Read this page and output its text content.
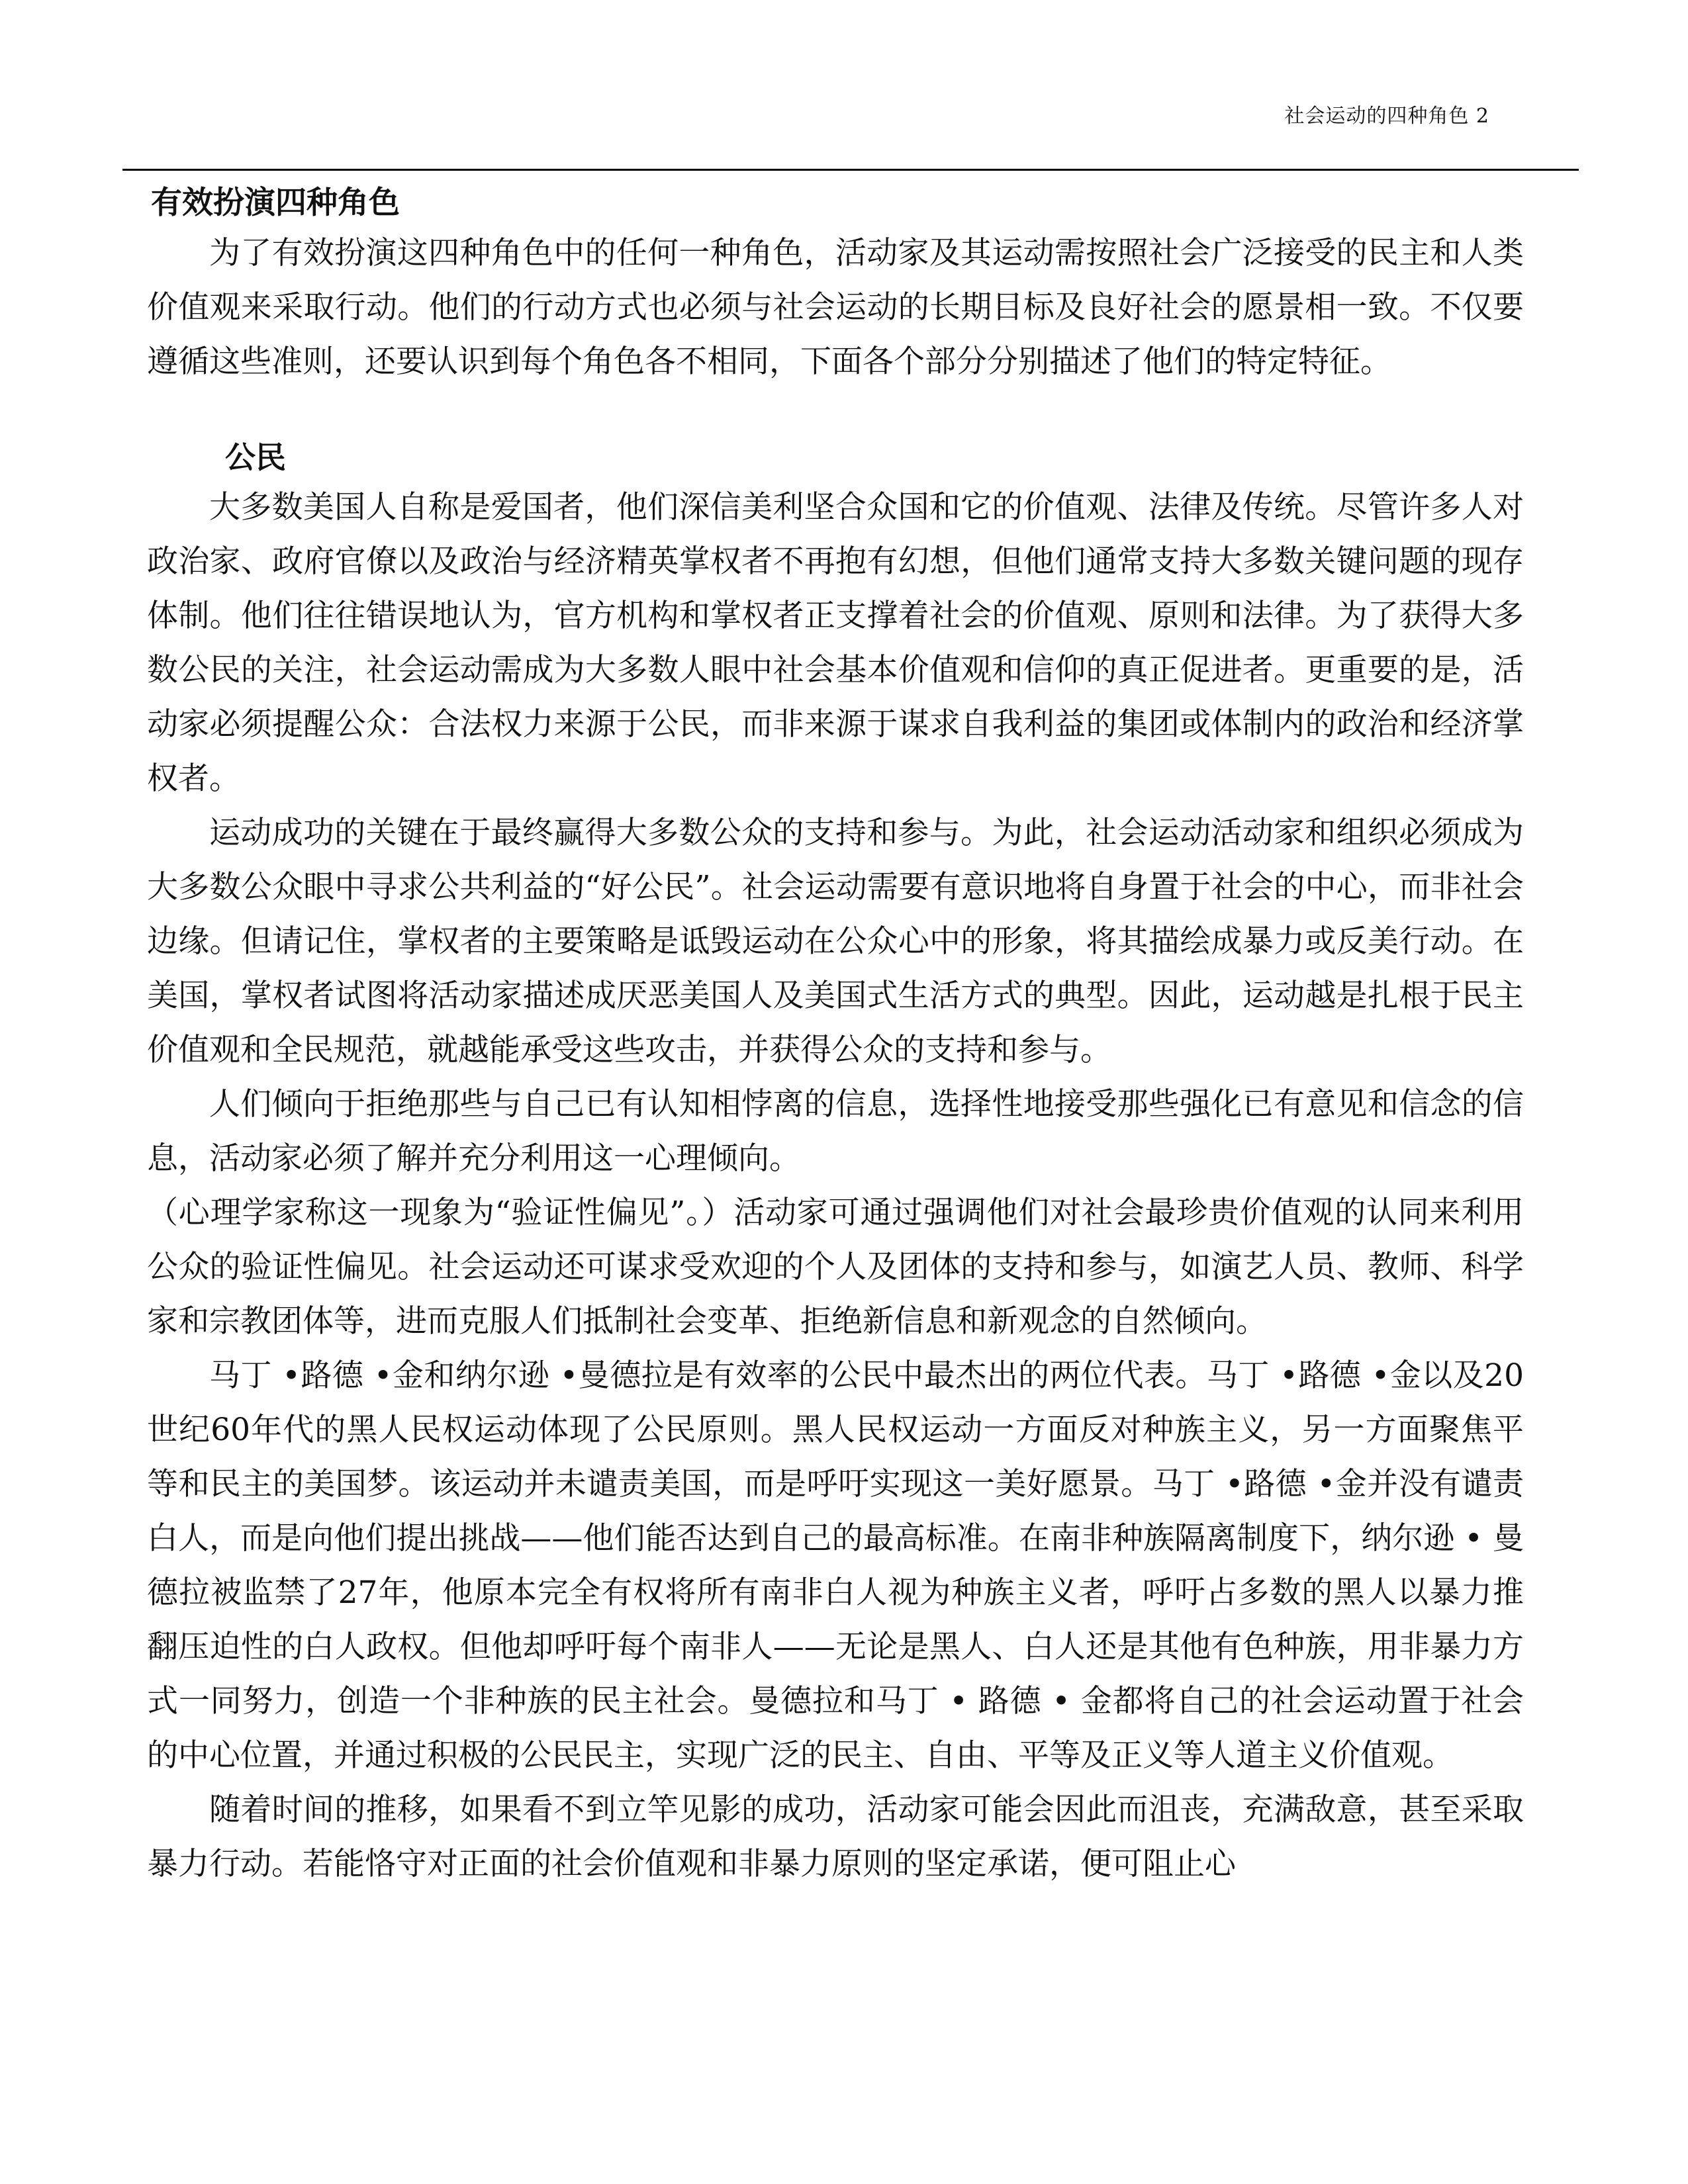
社会运动的四种角色 2
有效扮演四种角色

为了有效扮演这四种角色中的任何一种角色，活动家及其运动需按照社会广泛接受的民主和人类价值观来采取行动。他们的行动方式也必须与社会运动的长期目标及良好社会的愿景相一致。不仅要遵循这些准则，还要认识到每个角色各不相同，下面各个部分分别描述了他们的特定特征。

公民

大多数美国人自称是爱国者，他们深信美利坚合众国和它的价值观、法律及传统。尽管许多人对政治家、政府官僚以及政治与经济精英掌权者不再抱有幻想，但他们通常支持大多数关键问题的现存体制。他们往往错误地认为，官方机构和掌权者正支撑着社会的价值观、原则和法律。为了获得大多数公民的关注，社会运动需成为大多数人眼中社会基本价值观和信仰的真正促进者。更重要的是，活动家必须提醒公众：合法权力来源于公民，而非来源于谋求自我利益的集团或体制内的政治和经济掌权者。

运动成功的关键在于最终赢得大多数公众的支持和参与。为此，社会运动活动家和组织必须成为大多数公众眼中寻求公共利益的“好公民”。社会运动需要有意识地将自身置于社会的中心，而非社会边缘。但请记住，掌权者的主要策略是诋毁运动在公众心中的形象，将其描绘成暴力或反美行动。在美国，掌权者试图将活动家描述成厌恶美国人及美国式生活方式的典型。因此，运动越是扎根于民主价值观和全民规范，就越能承受这些攻击，并获得公众的支持和参与。

人们倾向于拒绝那些与自己已有认知相悖离的信息，选择性地接受那些强化已有意见和信念的信息，活动家必须了解并充分利用这一心理倾向。

（心理学家称这一现象为“验证性偏见”。）活动家可通过强调他们对社会最珍贵价值观的认同来利用公众的验证性偏见。社会运动还可谋求受欢迎的个人及团体的支持和参与，如演艺人员、教师、科学家和宗教团体等，进而克服人们抵制社会变革、拒绝新信息和新观念的自然倾向。

马丁 •路德 •金和纳尔逊 •曼德拉是有效率的公民中最杰出的两位代表。马丁 •路德 •金以及20世纪60年代的黑人民权运动体现了公民原则。黑人民权运动一方面反对种族主义，另一方面聚焦平等和民主的美国梦。该运动并未谴责美国，而是呼吁实现这一美好愿景。马丁 •路德 •金并没有谴责白人，而是向他们提出挑战——他们能否达到自己的最高标准。在南非种族隔离制度下，纳尔逊 • 曼德拉被监禁了27年，他原本完全有权将所有南非白人视为种族主义者，呼吁占多数的黑人以暴力推翻压迫性的白人政权。但他却呼吁每个南非人——无论是黑人、白人还是其他有色种族，用非暴力方式一同努力，创造一个非种族的民主社会。曼德拉和马丁 • 路德 • 金都将自己的社会运动置于社会的中心位置，并通过积极的公民民主，实现广泛的民主、自由、平等及正义等人道主义价值观。

随着时间的推移，如果看不到立竿见影的成功，活动家可能会因此而沮丧，充满敌意，甚至采取暴力行动。若能恪守对正面的社会价值观和非暴力原则的坚定承诺，便可阻止心
